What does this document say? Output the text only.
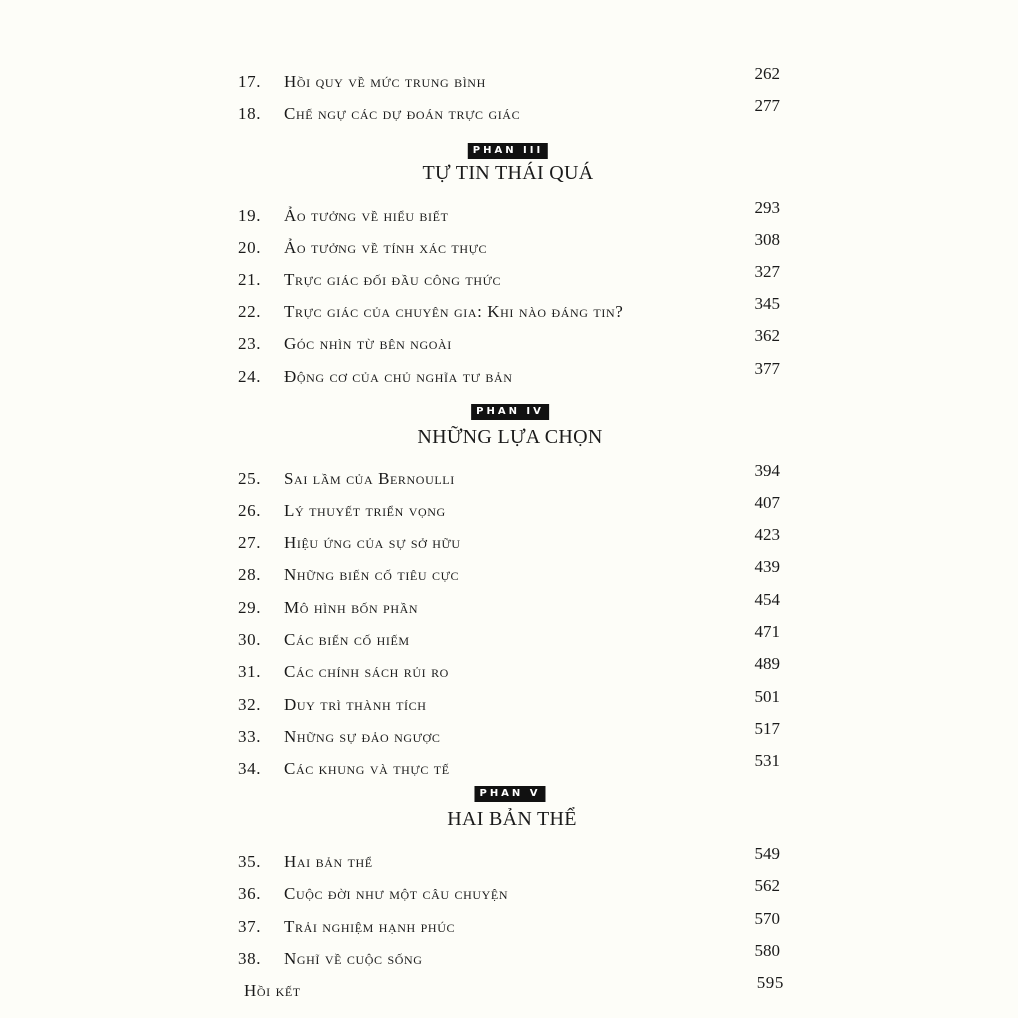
17. Hồi quy về mức trung bình	262
18. Chế ngự các dự đoán trực giác	277
PHAN III
TỰ TIN THÁI QUÁ
19. Ảo tưởng về hiểu biết	293
20. Ảo tưởng về tính xác thực	308
21. Trực giác đối đầu công thức	327
22. Trực giác của chuyên gia: Khi nào đáng tin?	345
23. Góc nhìn từ bên ngoài	362
24. Động cơ của chủ nghĩa tư bản	377
PHAN IV
NHỮNG LỰA CHỌN
25. Sai lầm của Bernoulli	394
26. Lý thuyết triển vọng	407
27. Hiệu ứng của sự sở hữu	423
28. Những biến cố tiêu cực	439
29. Mô hình bốn phần	454
30. Các biến cố hiếm	471
31. Các chính sách rủi ro	489
32. Duy trì thành tích	501
33. Những sự đảo ngược	517
34. Các khung và thực tế	531
PHAN V
HAI BẢN THỂ
35. Hai bản thể	549
36. Cuộc đời như một câu chuyện	562
37. Trải nghiệm hạnh phúc	570
38. Nghĩ về cuộc sống	580
Hồi kết	595
